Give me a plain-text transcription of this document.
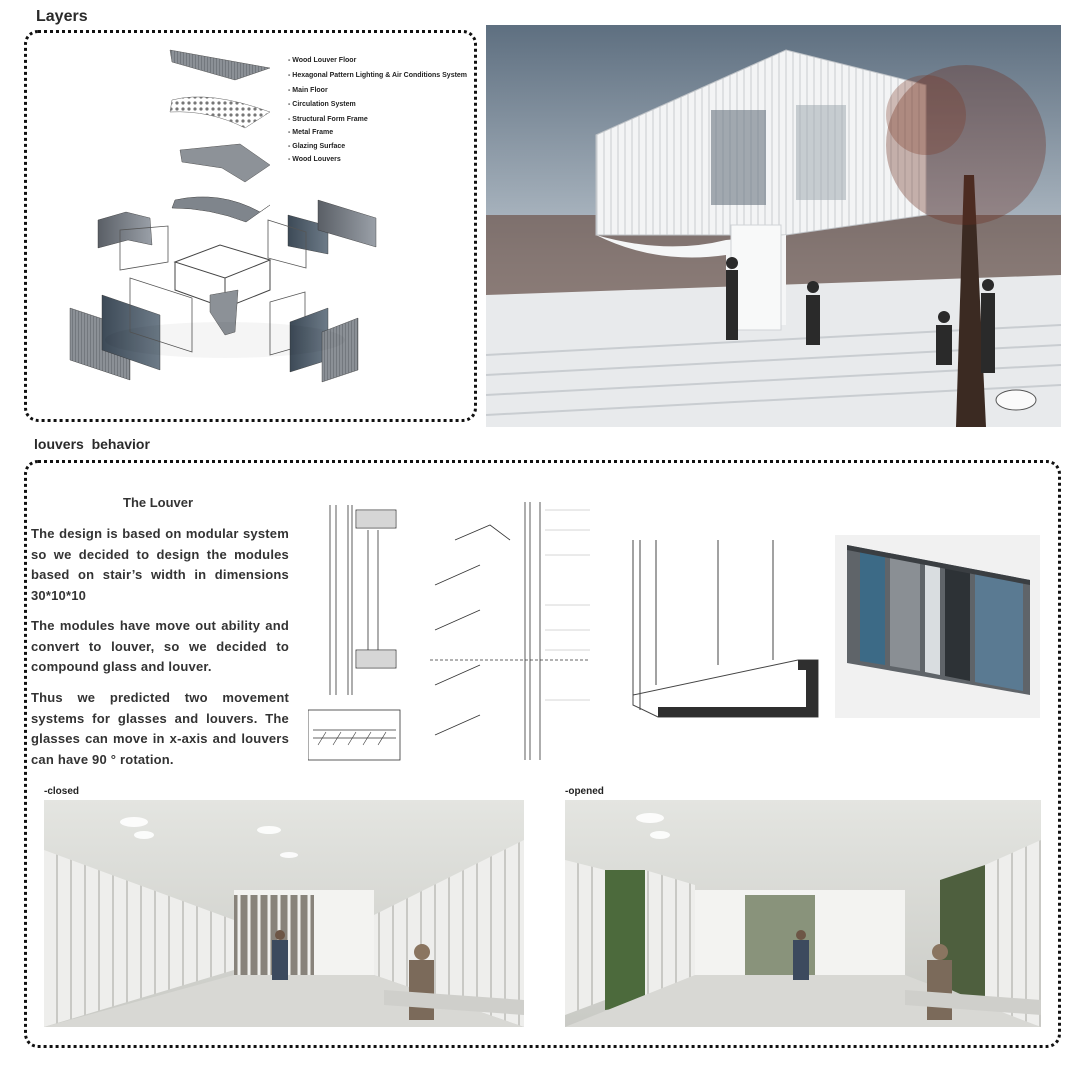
Layers
- Wood Louver Floor
- Hexagonal Pattern Lighting & Air Conditions System
- Main Floor
- Circulation System
- Structural Form Frame
- Metal Frame
- Glazing Surface
- Wood Louvers
louvers  behavior
The Louver
The design is based on modular system so we decided to design the modules based on stair’s width in dimensions 30*10*10
The modules have move out ability and convert to louver, so we decided to compound glass and louver.
Thus we predicted two movement systems for glasses and louvers. The glasses can move in x-axis and louvers can have 90 ° rotation.
-closed	-opened
